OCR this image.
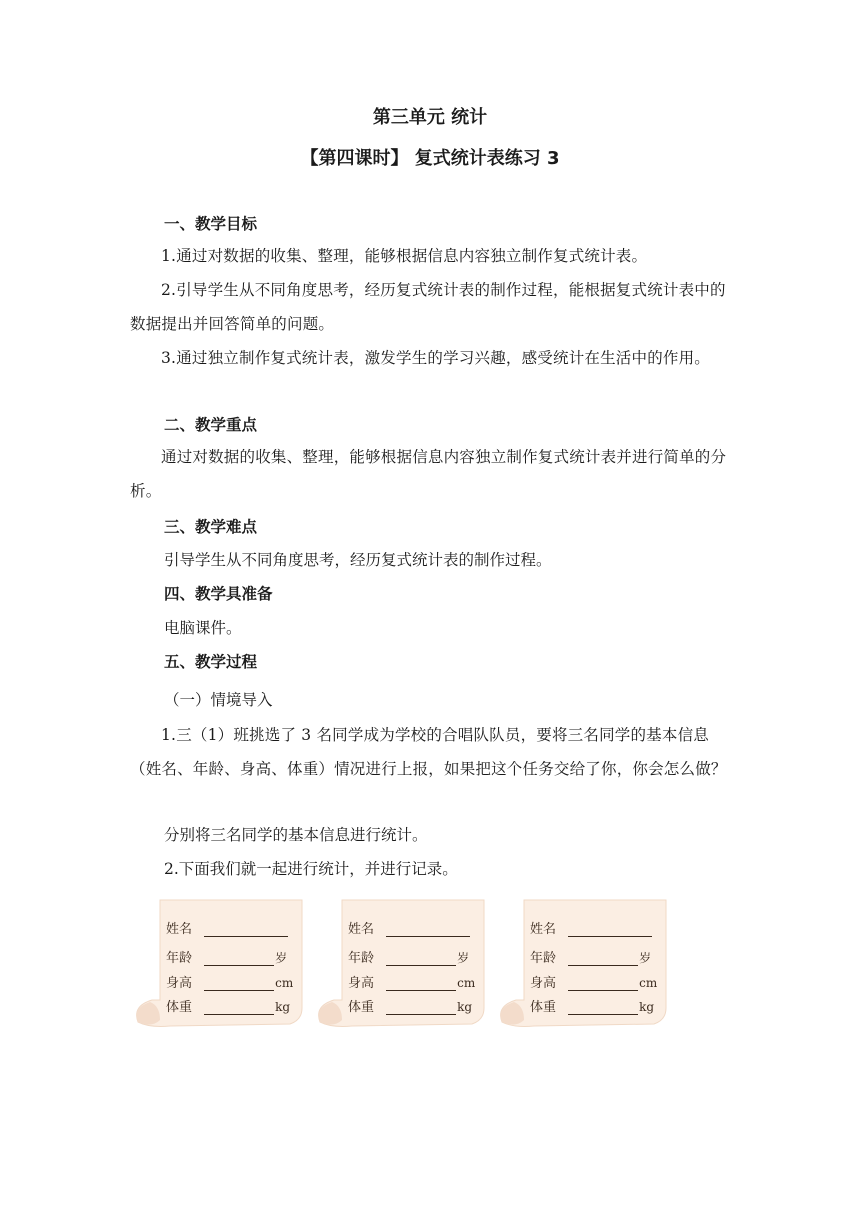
第三单元 统计
【第四课时】 复式统计表练习 3
一、教学目标
1.通过对数据的收集、整理，能够根据信息内容独立制作复式统计表。
2.引导学生从不同角度思考，经历复式统计表的制作过程，能根据复式统计表中的数据提出并回答简单的问题。
3.通过独立制作复式统计表，激发学生的学习兴趣，感受统计在生活中的作用。
二、教学重点
通过对数据的收集、整理，能够根据信息内容独立制作复式统计表并进行简单的分析。
三、教学难点
引导学生从不同角度思考，经历复式统计表的制作过程。
四、教学具准备
电脑课件。
五、教学过程
（一）情境导入
1.三（1）班挑选了 3 名同学成为学校的合唱队队员，要将三名同学的基本信息（姓名、年龄、身高、体重）情况进行上报，如果把这个任务交给了你，你会怎么做？
分别将三名同学的基本信息进行统计。
2.下面我们就一起进行统计，并进行记录。
姓名
年龄	岁
身高	cm
体重	kg
姓名
年龄	岁
身高	cm
体重	kg
姓名
年龄	岁
身高	cm
体重	kg
